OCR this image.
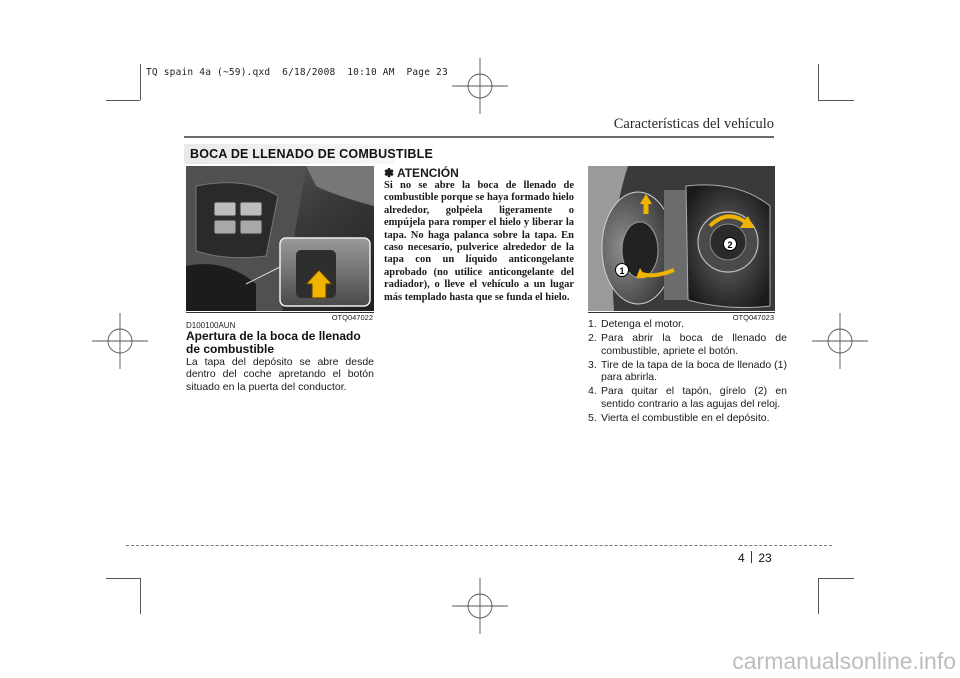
TQ spain 4a (~59).qxd  6/18/2008  10:10 AM  Page 23
Características del vehículo
BOCA DE LLENADO DE COMBUSTIBLE
OTQ047022
D100100AUN
Apertura de la boca de llenado de combustible
La tapa del depósito se abre desde dentro del coche apretando el botón situado en la puerta del conductor.
✽ ATENCIÓN
Si no se abre la boca de llenado de combustible porque se haya formado hielo alrededor, golpéela ligeramente o empújela para romper el hielo y liberar la tapa. No haga palanca sobre la tapa. En caso necesario, pulverice alrededor de la tapa con un líquido anticongelante aprobado (no utilice anticongelante del radiador), o lleve el vehículo a un lugar más templado hasta que se funda el hielo.
1
2
OTQ047023
1. Detenga el motor.
2. Para abrir la boca de llenado de combustible, apriete el botón.
3. Tire de la tapa de la boca de llenado (1) para abrirla.
4. Para quitar el tapón, gírelo (2) en sentido contrario a las agujas del reloj.
5. Vierta el combustible en el depósito.
4 23
carmanualsonline.info
